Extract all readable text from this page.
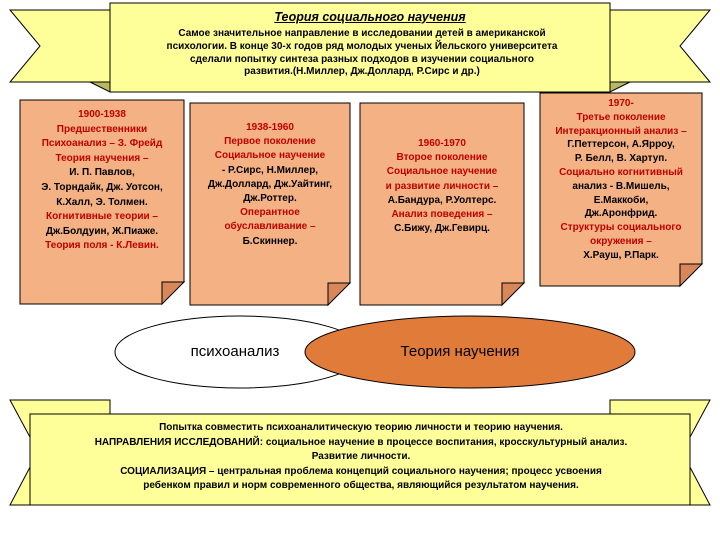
Теория социального научения
Самое значительное направление в исследовании детей в американской
психологии. В конце 30-х годов ряд молодых ученых Йельского университета
сделали попытку синтеза разных подходов в изучении социального
развития.(Н.Миллер, Дж.Доллард, Р.Сирс и др.)
1900-1938
Предшественники
Психоанализ – З. Фрейд
Теория научения –
И. П. Павлов,
Э. Торндайк, Дж. Уотсон,
К.Халл, Э. Толмен.
Когнитивные теории –
Дж.Болдуин, Ж.Пиаже.
Теория поля - К.Левин.
1938-1960
Первое поколение
Социальное научение
- Р.Сирс, Н.Миллер,
Дж.Доллард, Дж.Уайтинг,
Дж.Роттер.
Оперантное
обуславливание –
Б.Скиннер.
1960-1970
Второе поколение
Социальное научение
и развитие личности –
А.Бандура, Р.Уолтерс.
Анализ поведения –
С.Бижу, Дж.Гевирц.
1970-
Третье поколение
Интеракционный анализ –
Г.Петтерсон, А.Ярроу,
Р. Белл, В. Хартуп.
Социально когнитивный
анализ - В.Мишель,
Е.Маккоби,
Дж.Аронфрид.
Структуры социального
окружения –
Х.Рауш, Р.Парк.
психоанализ	Теория научения
Попытка совместить психоаналитическую теорию личности и теорию научения.
НАПРАВЛЕНИЯ ИССЛЕДОВАНИЙ: социальное научение в процессе воспитания, кросскультурный анализ.
Развитие личности.
СОЦИАЛИЗАЦИЯ – центральная проблема концепций социального научения; процесс усвоения
ребенком правил и норм современного общества, являющийся результатом научения.
